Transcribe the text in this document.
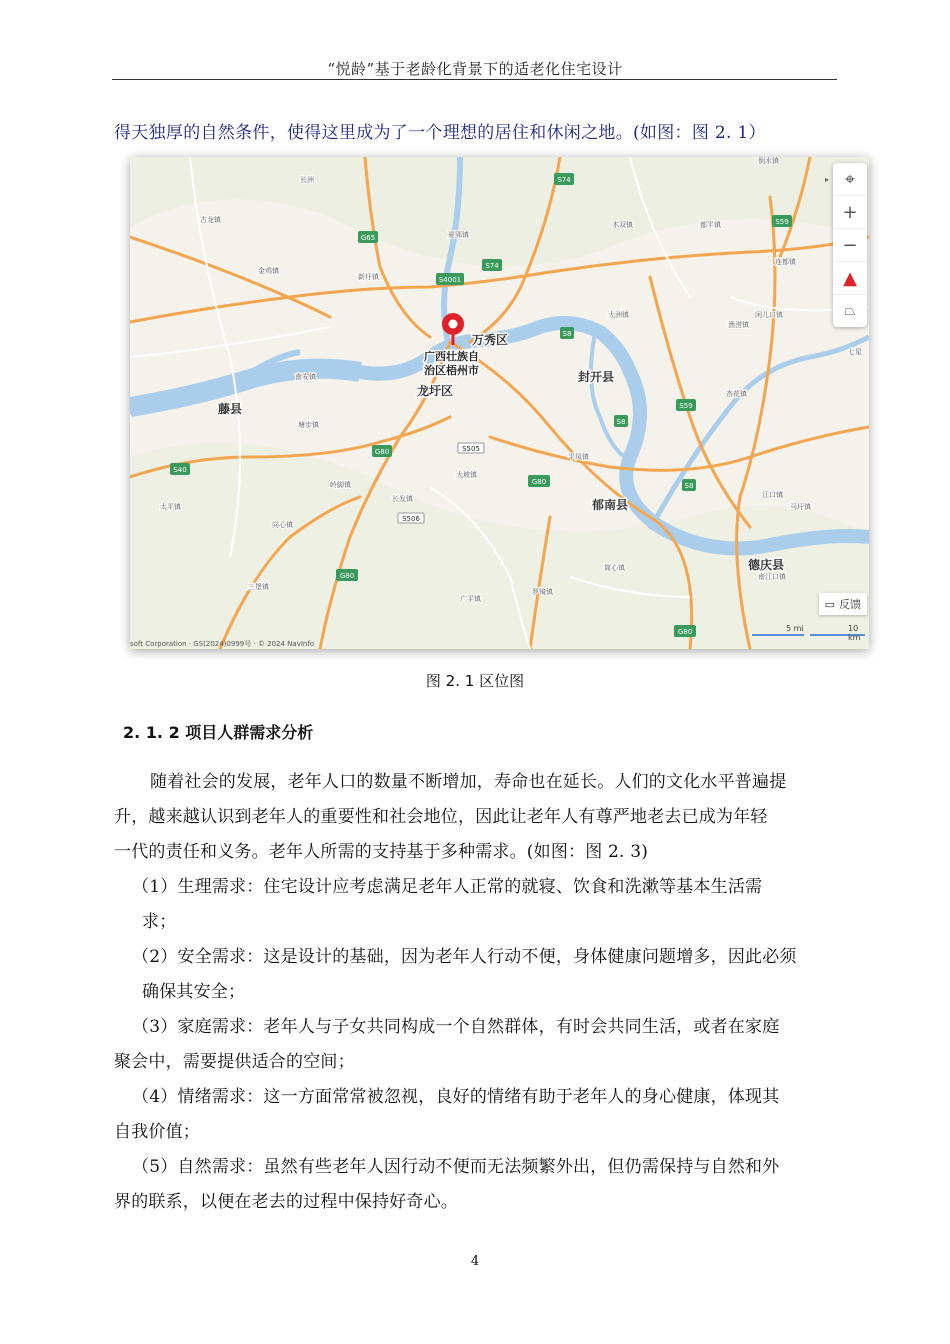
“悦龄”基于老龄化背景下的适老化住宅设计
得天独厚的自然条件，使得这里成为了一个理想的居住和休闲之地。(如图：图 2. 1）
S74
G65
S4001
S74
S8
S59
S40
G80	S505
S506
S8
S59
S8
G80
G80
G80
万秀区
龙圩区
封开县
藤县
郁南县
德庆县
古龙镇
新圩镇
长洲
南安镇
塘步镇
金鸡镇
岭脚镇
同心镇
三堡镇
大坡镇
平凤镇
长发镇
太平镇
筒心镇
罗镜镇
广平镇
夏郢镇
渔涝镇
杏花镇
江口镇
马圩镇
南江口镇
都平镇
木双镇
大洲镇
连都镇
闲儿口镇
倒水镇
七星
广西壮族自
治区梧州市
⌖
+
−
▲
⏢
▸
▭ 反馈
5 mi	10 km
soft Corporation · GS(2024)0999号 · © 2024 NavInfo
图 2. 1 区位图
2. 1. 2 项目人群需求分析
随着社会的发展，老年人口的数量不断增加，寿命也在延长。人们的文化水平普遍提
升，越来越认识到老年人的重要性和社会地位，因此让老年人有尊严地老去已成为年轻
一代的责任和义务。老年人所需的支持基于多种需求。(如图：图 2. 3)
（1）生理需求：住宅设计应考虑满足老年人正常的就寝、饮食和洗漱等基本生活需
求；
（2）安全需求：这是设计的基础，因为老年人行动不便，身体健康问题增多，因此必须
确保其安全；
（3）家庭需求：老年人与子女共同构成一个自然群体，有时会共同生活，或者在家庭
聚会中，需要提供适合的空间；
（4）情绪需求：这一方面常常被忽视，良好的情绪有助于老年人的身心健康，体现其
自我价值；
（5）自然需求：虽然有些老年人因行动不便而无法频繁外出，但仍需保持与自然和外
界的联系，以便在老去的过程中保持好奇心。
4
